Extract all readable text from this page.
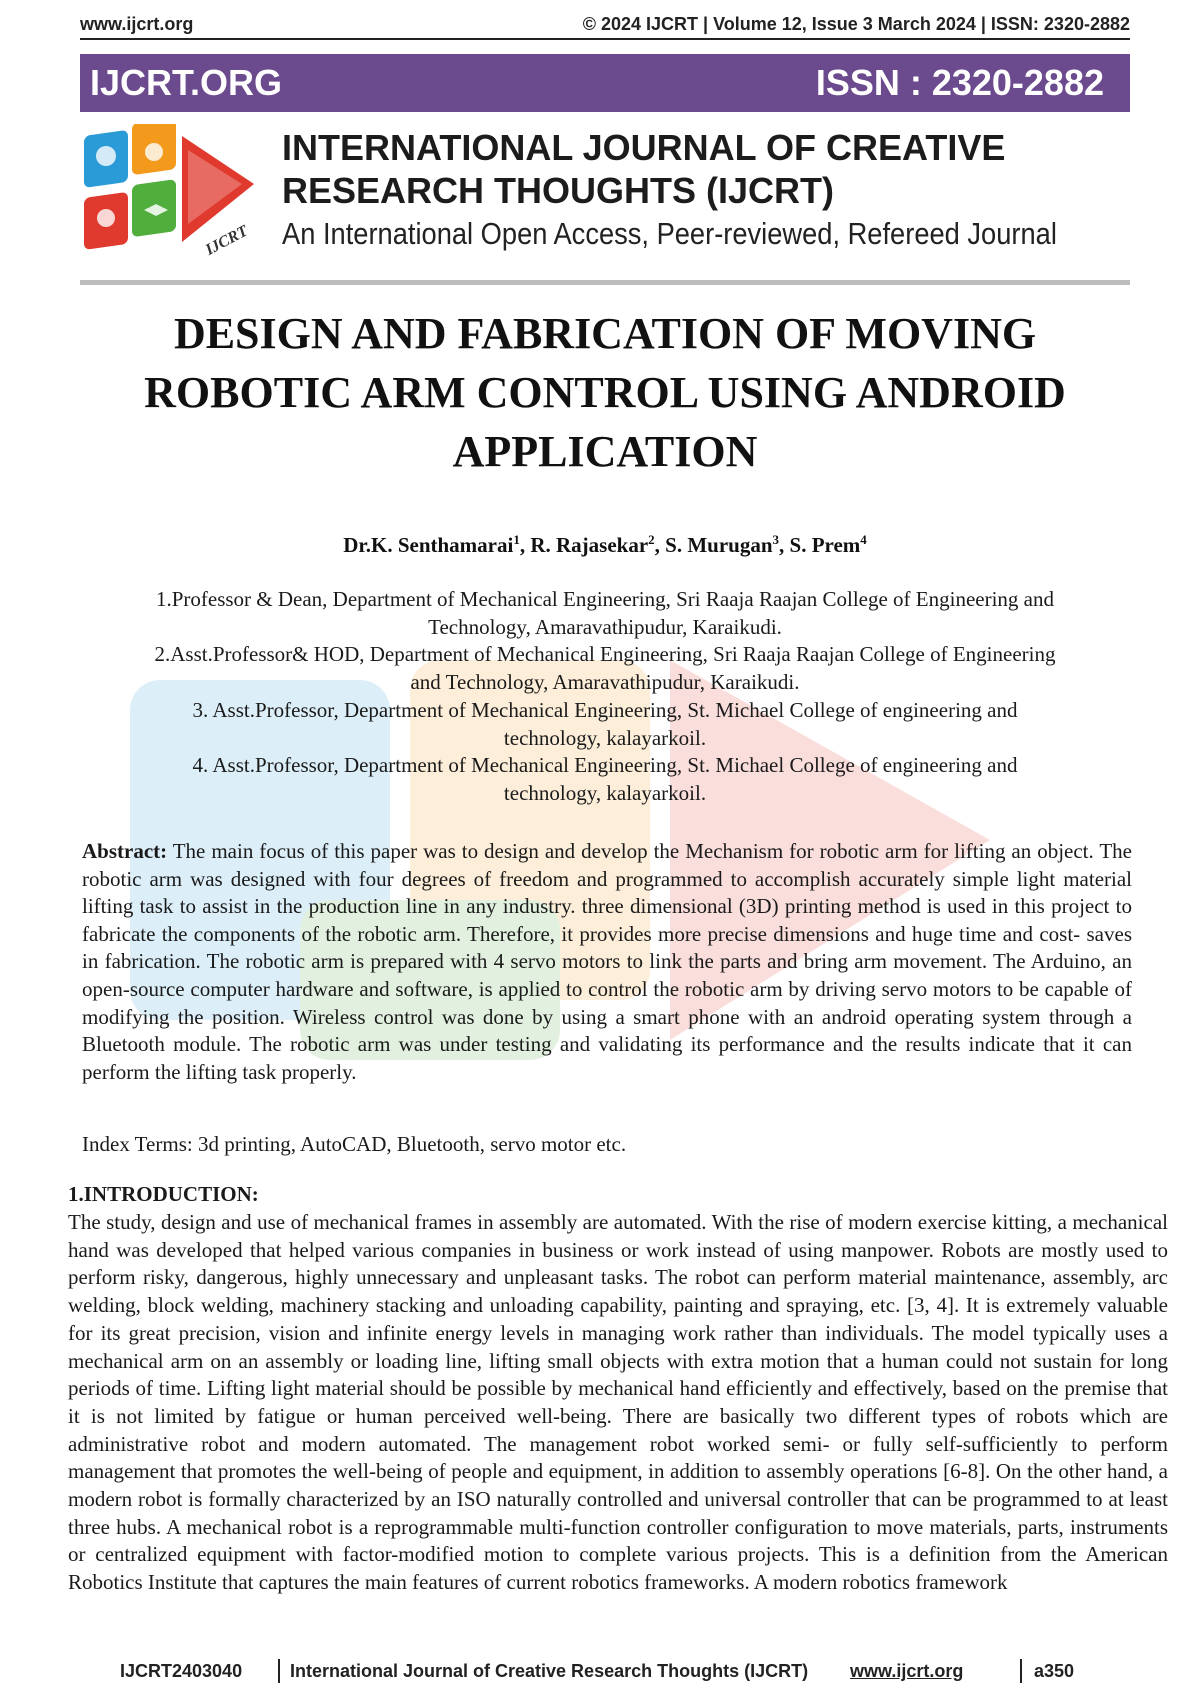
www.ijcrt.org	© 2024 IJCRT | Volume 12, Issue 3 March 2024 | ISSN: 2320-2882
IJCRT.ORG	ISSN : 2320-2882
IJCRT
INTERNATIONAL JOURNAL OF CREATIVE
RESEARCH THOUGHTS (IJCRT)
An International Open Access, Peer-reviewed, Refereed Journal
DESIGN AND FABRICATION OF MOVING
ROBOTIC ARM CONTROL USING ANDROID
APPLICATION
Dr.K. Senthamarai$^1$, R. Rajasekar$^2$, S. Murugan$^3$, S. Prem$^4$
1.Professor & Dean, Department of Mechanical Engineering, Sri Raaja Raajan College of Engineering and
Technology, Amaravathipudur, Karaikudi.
2.Asst.Professor& HOD, Department of Mechanical Engineering, Sri Raaja Raajan College of Engineering
and Technology, Amaravathipudur, Karaikudi.
3. Asst.Professor, Department of Mechanical Engineering, St. Michael College of engineering and
technology, kalayarkoil.
4. Asst.Professor, Department of Mechanical Engineering, St. Michael College of engineering and
technology, kalayarkoil.
Abstract: The main focus of this paper was to design and develop the Mechanism for robotic arm for lifting an object. The robotic arm was designed with four degrees of freedom and programmed to accomplish accurately simple light material lifting task to assist in the production line in any industry. three dimensional (3D) printing method is used in this project to fabricate the components of the robotic arm. Therefore, it provides more precise dimensions and huge time and cost- saves in fabrication. The robotic arm is prepared with 4 servo motors to link the parts and bring arm movement. The Arduino, an open-source computer hardware and software, is applied to control the robotic arm by driving servo motors to be capable of modifying the position. Wireless control was done by using a smart phone with an android operating system through a Bluetooth module. The robotic arm was under testing and validating its performance and the results indicate that it can perform the lifting task properly.
Index Terms: 3d printing, AutoCAD, Bluetooth, servo motor etc.
1.INTRODUCTION:
The study, design and use of mechanical frames in assembly are automated. With the rise of modern exercise kitting, a mechanical hand was developed that helped various companies in business or work instead of using manpower. Robots are mostly used to perform risky, dangerous, highly unnecessary and unpleasant tasks. The robot can perform material maintenance, assembly, arc welding, block welding, machinery stacking and unloading capability, painting and spraying, etc. [3, 4]. It is extremely valuable for its great precision, vision and infinite energy levels in managing work rather than individuals. The model typically uses a mechanical arm on an assembly or loading line, lifting small objects with extra motion that a human could not sustain for long periods of time. Lifting light material should be possible by mechanical hand efficiently and effectively, based on the premise that it is not limited by fatigue or human perceived well-being. There are basically two different types of robots which are administrative robot and modern automated. The management robot worked semi- or fully self-sufficiently to perform management that promotes the well-being of people and equipment, in addition to assembly operations [6-8]. On the other hand, a modern robot is formally characterized by an ISO naturally controlled and universal controller that can be programmed to at least three hubs. A mechanical robot is a reprogrammable multi-function controller configuration to move materials, parts, instruments or centralized equipment with factor-modified motion to complete various projects. This is a definition from the American Robotics Institute that captures the main features of current robotics frameworks. A modern robotics framework
IJCRT2403040	International Journal of Creative Research Thoughts (IJCRT) www.ijcrt.org	a350
